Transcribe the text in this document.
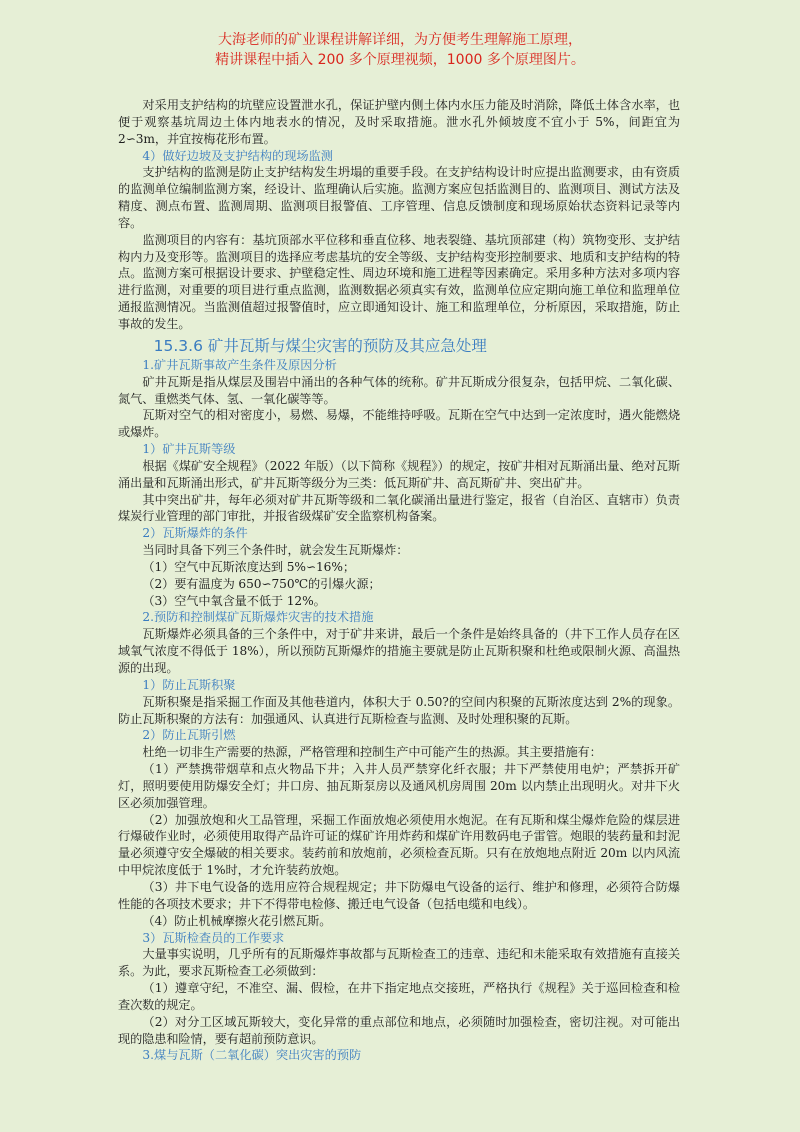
大海老师的矿业课程讲解详细，为方便考生理解施工原理，
精讲课程中插入 200 多个原理视频，1000 多个原理图片。

对采用支护结构的坑壁应设置泄水孔，保证护壁内侧土体内水压力能及时消除，降低土体含水率，也便于观察基坑周边土体内地表水的情况，及时采取措施。泄水孔外倾坡度不宜小于 5%，间距宜为 2∽3m，并宜按梅花形布置。

4）做好边坡及支护结构的现场监测

支护结构的监测是防止支护结构发生坍塌的重要手段。在支护结构设计时应提出监测要求，由有资质的监测单位编制监测方案，经设计、监理确认后实施。监测方案应包括监测目的、监测项目、测试方法及精度、测点布置、监测周期、监测项目报警值、工序管理、信息反馈制度和现场原始状态资料记录等内容。

监测项目的内容有：基坑顶部水平位移和垂直位移、地表裂缝、基坑顶部建（构）筑物变形、支护结构内力及变形等。监测项目的选择应考虑基坑的安全等级、支护结构变形控制要求、地质和支护结构的特点。监测方案可根据设计要求、护壁稳定性、周边环境和施工进程等因素确定。采用多种方法对多项内容进行监测，对重要的项目进行重点监测，监测数据必须真实有效，监测单位应定期向施工单位和监理单位通报监测情况。当监测值超过报警值时，应立即通知设计、施工和监理单位，分析原因，采取措施，防止事故的发生。

15.3.6 矿井瓦斯与煤尘灾害的预防及其应急处理

1.矿井瓦斯事故产生条件及原因分析

矿井瓦斯是指从煤层及围岩中涌出的各种气体的统称。矿井瓦斯成分很复杂，包括甲烷、二氧化碳、氮气、重燃类气体、氢、一氧化碳等等。

瓦斯对空气的相对密度小，易燃、易爆，不能维持呼吸。瓦斯在空气中达到一定浓度时，遇火能燃烧或爆炸。

1）矿井瓦斯等级

根据《煤矿安全规程》（2022 年版）（以下简称《规程》）的规定，按矿井相对瓦斯涌出量、绝对瓦斯涌出量和瓦斯涌出形式，矿井瓦斯等级分为三类：低瓦斯矿井、高瓦斯矿井、突出矿井。

其中突出矿井，每年必须对矿井瓦斯等级和二氧化碳涌出量进行鉴定，报省（自治区、直辖市）负责煤炭行业管理的部门审批，并报省级煤矿安全监察机构备案。

2）瓦斯爆炸的条件

当同时具备下列三个条件时，就会发生瓦斯爆炸：

（1）空气中瓦斯浓度达到 5%∽16%；

（2）要有温度为 650∽750℃的引爆火源；

（3）空气中氧含量不低于 12%。

2.预防和控制煤矿瓦斯爆炸灾害的技术措施

瓦斯爆炸必须具备的三个条件中，对于矿井来讲，最后一个条件是始终具备的（井下工作人员存在区域氧气浓度不得低于 18%），所以预防瓦斯爆炸的措施主要就是防止瓦斯积聚和杜绝或限制火源、高温热源的出现。

1）防止瓦斯积聚

瓦斯积聚是指采掘工作面及其他巷道内，体积大于 0.50?的空间内积聚的瓦斯浓度达到 2%的现象。防止瓦斯积聚的方法有：加强通风、认真进行瓦斯检查与监测、及时处理积聚的瓦斯。

2）防止瓦斯引燃

杜绝一切非生产需要的热源，严格管理和控制生产中可能产生的热源。其主要措施有：

（1）严禁携带烟草和点火物品下井；入井人员严禁穿化纤衣服；井下严禁使用电炉；严禁拆开矿灯，照明要使用防爆安全灯；井口房、抽瓦斯泵房以及通风机房周围 20m 以内禁止出现明火。对井下火区必须加强管理。

（2）加强放炮和火工品管理，采掘工作面放炮必须使用水炮泥。在有瓦斯和煤尘爆炸危险的煤层进行爆破作业时，必须使用取得产品许可证的煤矿许用炸药和煤矿许用数码电子雷管。炮眼的装药量和封泥量必须遵守安全爆破的相关要求。装药前和放炮前，必须检查瓦斯。只有在放炮地点附近 20m 以内风流中甲烷浓度低于 1%时，才允许装药放炮。

（3）井下电气设备的选用应符合规程规定；井下防爆电气设备的运行、维护和修理，必须符合防爆性能的各项技术要求；井下不得带电检修、搬迁电气设备（包括电缆和电线）。

（4）防止机械摩擦火花引燃瓦斯。

3）瓦斯检查员的工作要求

大量事实说明，几乎所有的瓦斯爆炸事故都与瓦斯检查工的违章、违纪和未能采取有效措施有直接关系。为此，要求瓦斯检查工必须做到：

（1）遵章守纪，不准空、漏、假检，在井下指定地点交接班，严格执行《规程》关于巡回检查和检查次数的规定。

（2）对分工区域瓦斯较大，变化异常的重点部位和地点，必须随时加强检查，密切注视。对可能出现的隐患和险情，要有超前预防意识。

3.煤与瓦斯（二氧化碳）突出灾害的预防
